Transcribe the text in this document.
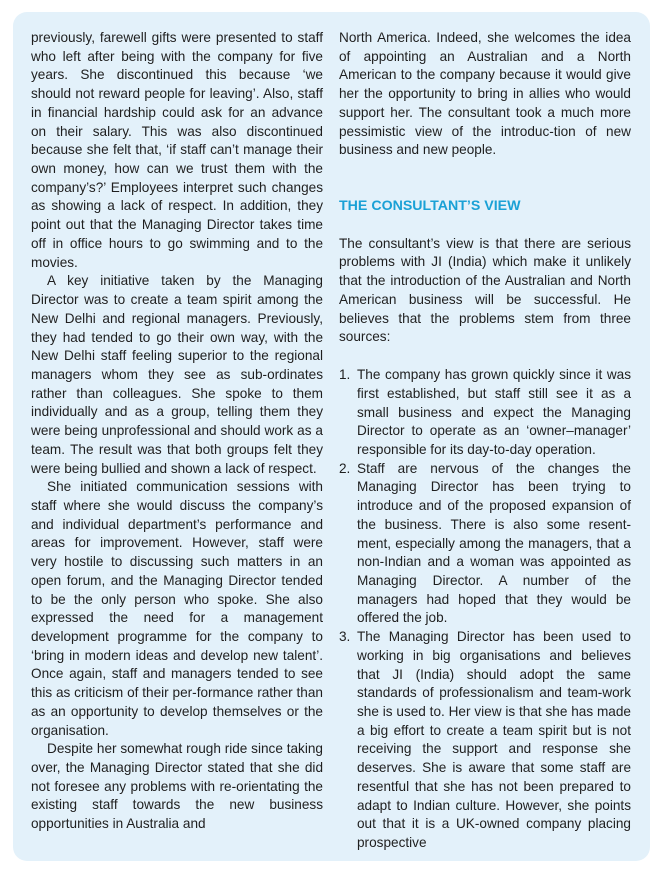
previously, farewell gifts were presented to staff who left after being with the company for five years. She discontinued this because ‘we should not reward people for leaving’. Also, staff in financial hardship could ask for an advance on their salary. This was also discontinued because she felt that, ‘if staff can’t manage their own money, how can we trust them with the company’s?’ Employees interpret such changes as showing a lack of respect. In addition, they point out that the Managing Director takes time off in office hours to go swimming and to the movies.

A key initiative taken by the Managing Director was to create a team spirit among the New Delhi and regional managers. Previously, they had tended to go their own way, with the New Delhi staff feeling superior to the regional managers whom they see as sub-ordinates rather than colleagues. She spoke to them individually and as a group, telling them they were being unprofessional and should work as a team. The result was that both groups felt they were being bullied and shown a lack of respect.

She initiated communication sessions with staff where she would discuss the company’s and individual department’s performance and areas for improvement. However, staff were very hostile to discussing such matters in an open forum, and the Managing Director tended to be the only person who spoke. She also expressed the need for a management development programme for the company to ‘bring in modern ideas and develop new talent’. Once again, staff and managers tended to see this as criticism of their per-formance rather than as an opportunity to develop themselves or the organisation.

Despite her somewhat rough ride since taking over, the Managing Director stated that she did not foresee any problems with re-orientating the existing staff towards the new business opportunities in Australia and

North America. Indeed, she welcomes the idea of appointing an Australian and a North American to the company because it would give her the opportunity to bring in allies who would support her. The consultant took a much more pessimistic view of the introduc-tion of new business and new people.

THE CONSULTANT’S VIEW

The consultant’s view is that there are serious problems with JI (India) which make it unlikely that the introduction of the Australian and North American business will be successful. He believes that the problems stem from three sources:

1. The company has grown quickly since it was first established, but staff still see it as a small business and expect the Managing Director to operate as an ‘owner–manager’ responsible for its day-to-day operation.
2. Staff are nervous of the changes the Managing Director has been trying to introduce and of the proposed expansion of the business. There is also some resent-ment, especially among the managers, that a non-Indian and a woman was appointed as Managing Director. A number of the managers had hoped that they would be offered the job.
3. The Managing Director has been used to working in big organisations and believes that JI (India) should adopt the same standards of professionalism and team-work she is used to. Her view is that she has made a big effort to create a team spirit but is not receiving the support and response she deserves. She is aware that some staff are resentful that she has not been prepared to adapt to Indian culture. However, she points out that it is a UK-owned company placing prospective
